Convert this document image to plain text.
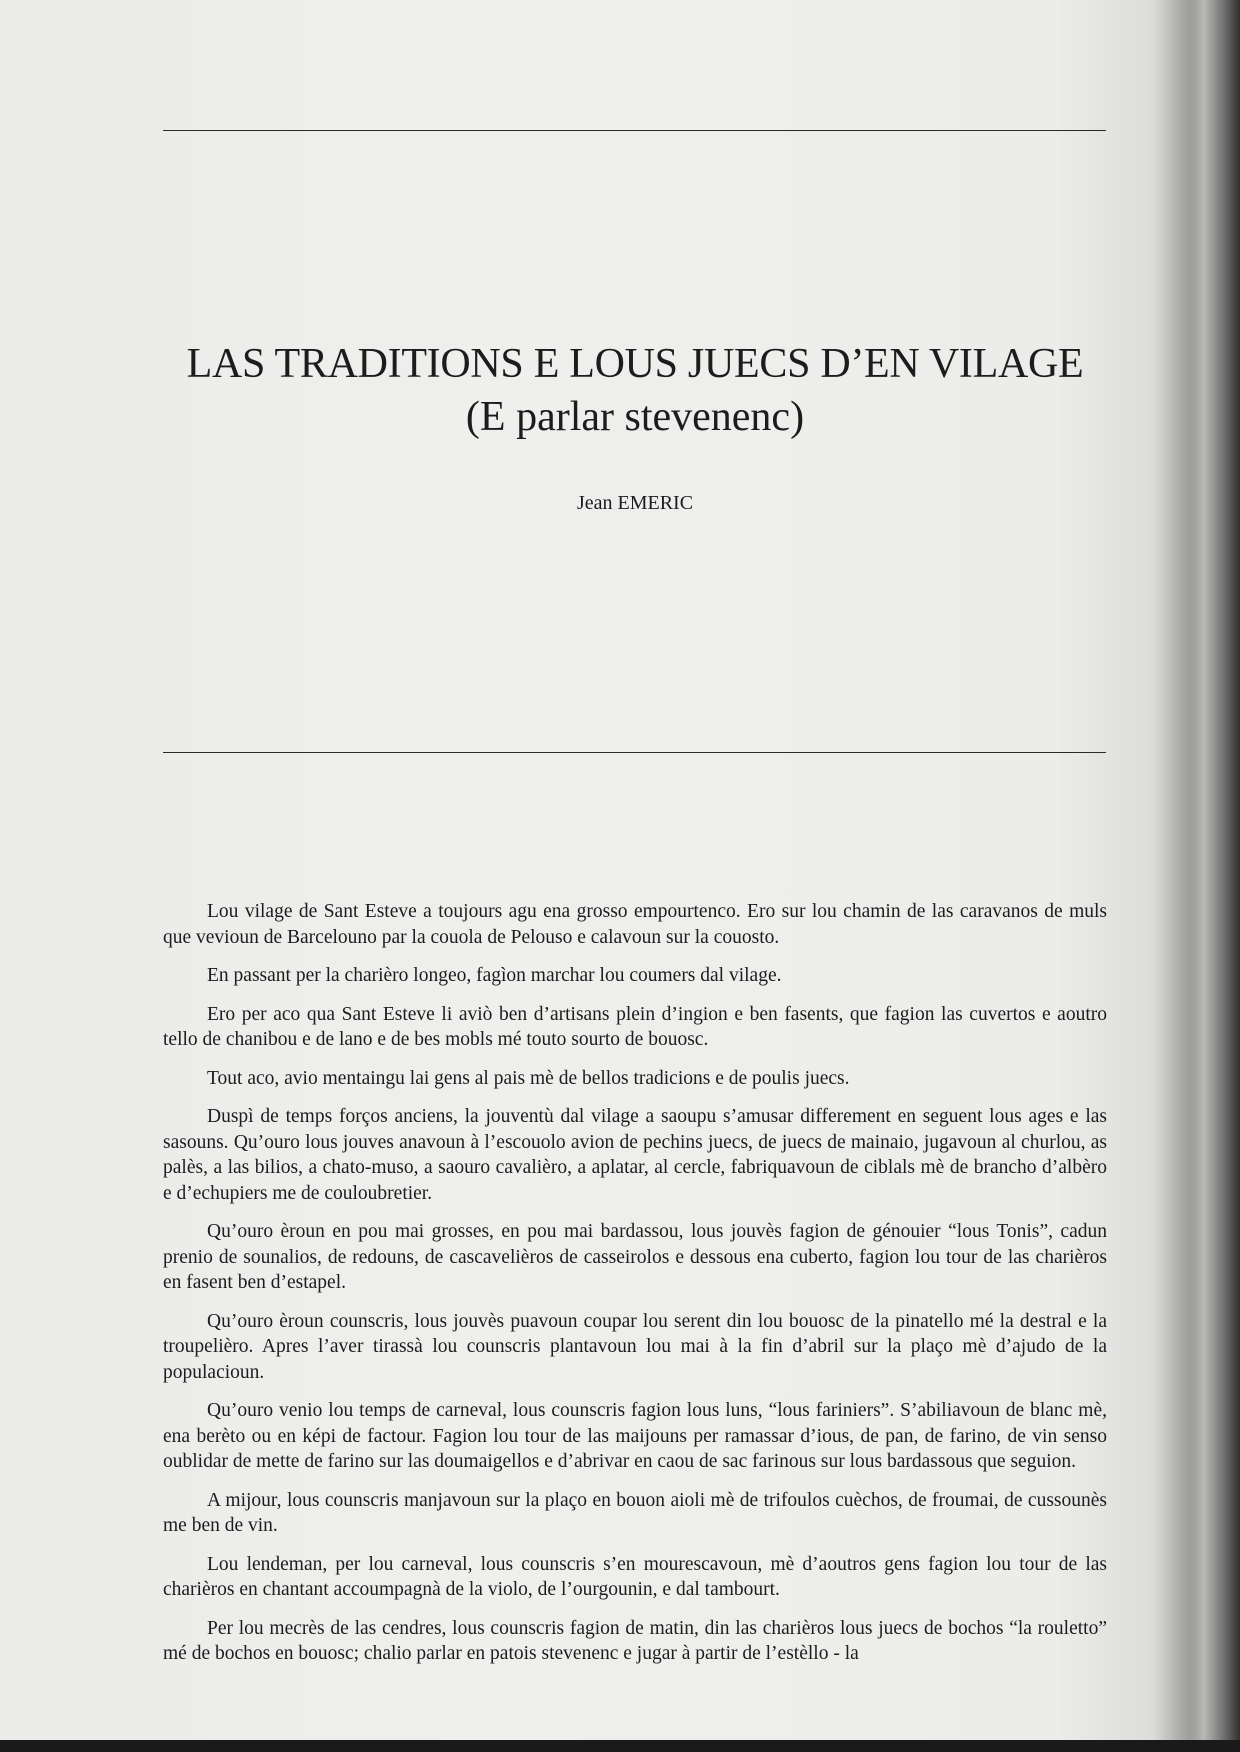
LAS TRADITIONS E LOUS JUECS D’EN VILAGE
(E parlar stevenenc)
Jean EMERIC

Lou vilage de Sant Esteve a toujours agu ena grosso empourtenco. Ero sur lou chamin de las caravanos de muls que vevioun de Barcelouno par la couola de Pelouso e calavoun sur la couosto.

En passant per la charièro longeo, fagìon marchar lou coumers dal vilage.

Ero per aco qua Sant Esteve li aviò ben d’artisans plein d’ingion e ben fasents, que fagion las cuvertos e aoutro tello de chanibou e de lano e de bes mobls mé touto sourto de bouosc.

Tout aco, avio mentaingu lai gens al pais mè de bellos tradicions e de poulis juecs.

Duspì de temps forços anciens, la jouventù dal vilage a saoupu s’amusar differement en seguent lous ages e las sasouns. Qu’ouro lous jouves anavoun à l’escouolo avion de pechins juecs, de juecs de mainaio, jugavoun al churlou, as palès, a las bilios, a chato-muso, a saouro cavalièro, a aplatar, al cercle, fabriquavoun de ciblals mè de brancho d’albèro e d’echupiers me de couloubretier.

Qu’ouro èroun en pou mai grosses, en pou mai bardassou, lous jouvès fagion de génouier “lous Tonis”, cadun prenio de sounalios, de redouns, de cascavelièros de casseirolos e dessous ena cuberto, fagion lou tour de las charièros en fasent ben d’estapel.

Qu’ouro èroun counscris, lous jouvès puavoun coupar lou serent din lou bouosc de la pinatello mé la destral e la troupelièro. Apres l’aver tirassà lou counscris plantavoun lou mai à la fin d’abril sur la plaço mè d’ajudo de la populacioun.

Qu’ouro venio lou temps de carneval, lous counscris fagion lous luns, “lous fariniers”. S’abiliavoun de blanc mè, ena berèto ou en képi de factour. Fagion lou tour de las maijouns per ramassar d’ious, de pan, de farino, de vin senso oublidar de mette de farino sur las doumaigellos e d’abrivar en caou de sac farinous sur lous bardassous que seguion.

A mijour, lous counscris manjavoun sur la plaço en bouon aioli mè de trifoulos cuèchos, de froumai, de cussounès me ben de vin.

Lou lendeman, per lou carneval, lous counscris s’en mourescavoun, mè d’aoutros gens fagion lou tour de las charièros en chantant accoumpagnà de la violo, de l’ourgounin, e dal tambourt.

Per lou mecrès de las cendres, lous counscris fagion de matin, din las charièros lous juecs de bochos “la rouletto” mé de bochos en bouosc; chalio parlar en patois stevenenc e jugar à partir de l’estèllo - la
